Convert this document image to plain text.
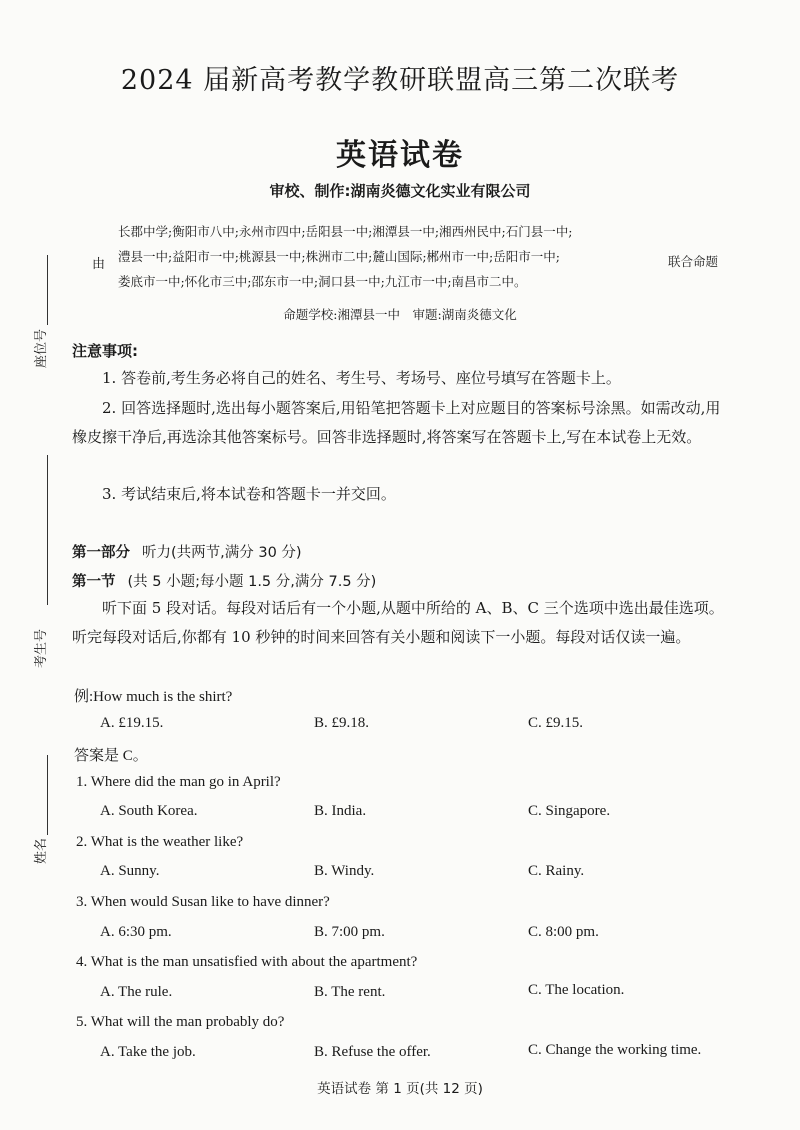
2024 届新高考教学教研联盟高三第二次联考
英语试卷
审校、制作:湖南炎德文化实业有限公司
长郡中学;衡阳市八中;永州市四中;岳阳县一中;湘潭县一中;湘西州民中;石门县一中;
由
澧县一中;益阳市一中;桃源县一中;株洲市二中;麓山国际;郴州市一中;岳阳市一中;	联合命题
娄底市一中;怀化市三中;邵东市一中;洞口县一中;九江市一中;南昌市二中。
命题学校:湘潭县一中　审题:湖南炎德文化
座位号
考生号
姓名
注意事项:
1. 答卷前,考生务必将自己的姓名、考生号、考场号、座位号填写在答题卡上。
2. 回答选择题时,选出每小题答案后,用铅笔把答题卡上对应题目的答案标号涂黑。如需改动,用橡皮擦干净后,再选涂其他答案标号。回答非选择题时,将答案写在答题卡上,写在本试卷上无效。
3. 考试结束后,将本试卷和答题卡一并交回。
第一部分 听力(共两节,满分 30 分)
第一节 (共 5 小题;每小题 1.5 分,满分 7.5 分)
听下面 5 段对话。每段对话后有一个小题,从题中所给的 A、B、C 三个选项中选出最佳选项。听完每段对话后,你都有 10 秒钟的时间来回答有关小题和阅读下一小题。每段对话仅读一遍。
例:How much is the shirt?
A. £19.15.	B. £9.18.	C. £9.15.
答案是 C。
1. Where did the man go in April?
A. South Korea.	B. India.	C. Singapore.
2. What is the weather like?
A. Sunny.	B. Windy.	C. Rainy.
3. When would Susan like to have dinner?
A. 6:30 pm.	B. 7:00 pm.	C. 8:00 pm.
4. What is the man unsatisfied with about the apartment?
A. The rule.	B. The rent.	C. The location.
5. What will the man probably do?
A. Take the job.	B. Refuse the offer.	C. Change the working time.
英语试卷 第 1 页(共 12 页)
